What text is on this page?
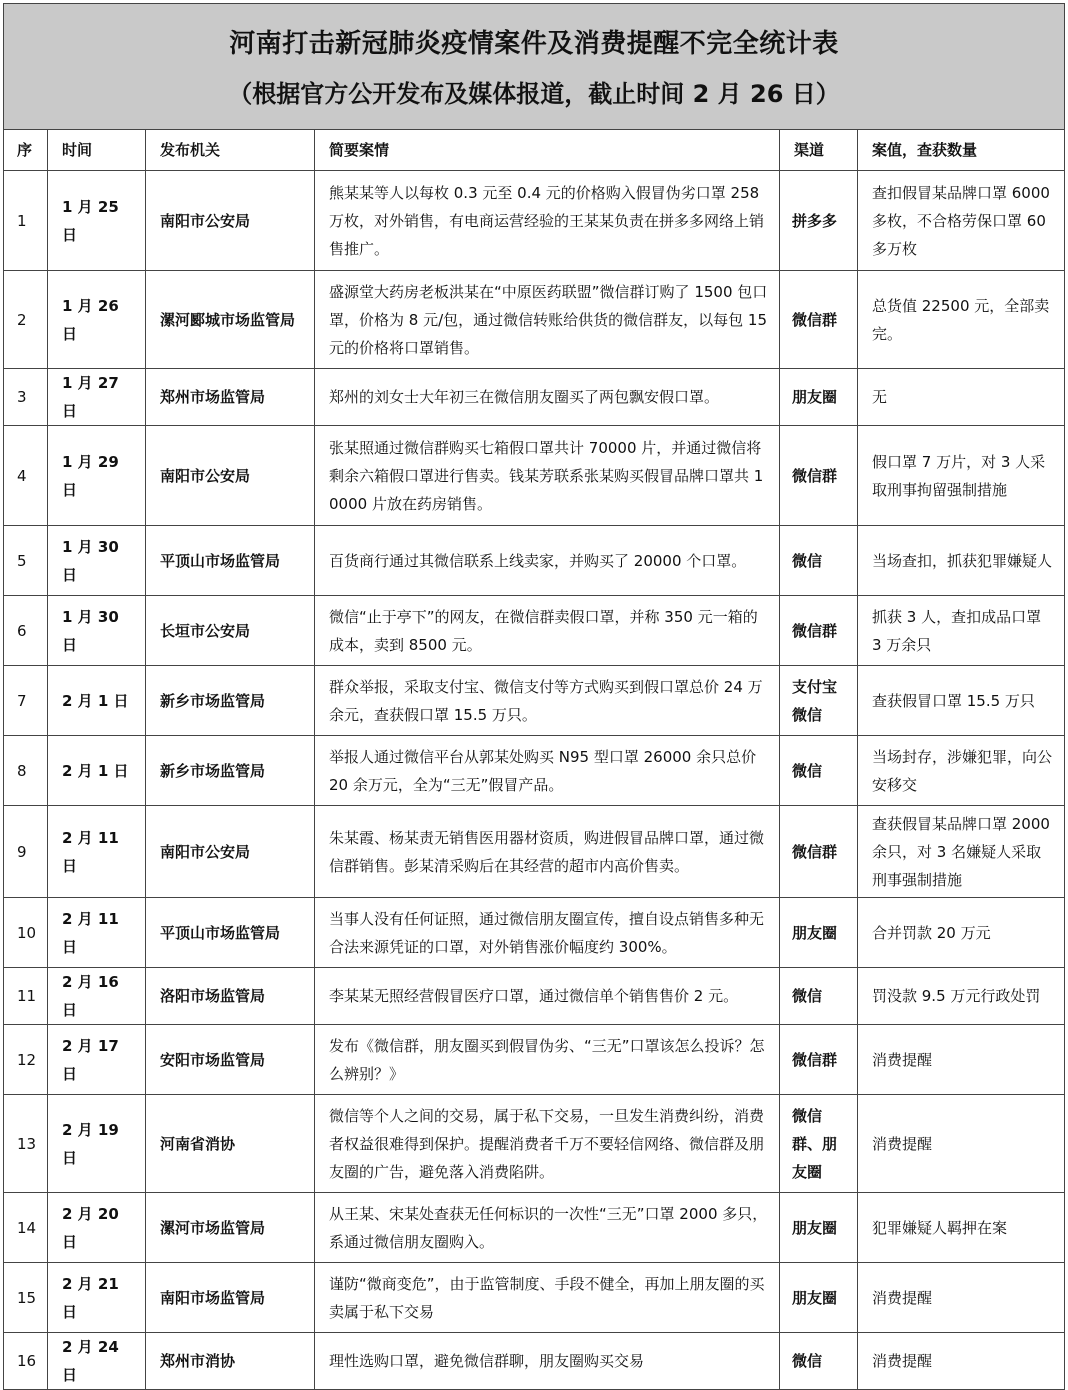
河南打击新冠肺炎疫情案件及消费提醒不完全统计表
（根据官方公开发布及媒体报道，截止时间 2 月 26 日）					

序	时间	发布机关	简要案情	渠道	案值，查获数量
1	1 月 25 日	南阳市公安局	熊某某等人以每枚 0.3 元至 0.4 元的价格购入假冒伪劣口罩 258 万枚，对外销售，有电商运营经验的王某某负责在拼多多网络上销售推广。	拼多多	查扣假冒某品牌口罩 6000 多枚，不合格劳保口罩 60 多万枚
2	1 月 26 日	漯河郾城市场监管局	盛源堂大药房老板洪某在“中原医药联盟”微信群订购了 1500 包口罩，价格为 8 元/包，通过微信转账给供货的微信群友，以每包 15 元的价格将口罩销售。	微信群	总货值 22500 元，全部卖完。
3	1 月 27 日	郑州市场监管局	郑州的刘女士大年初三在微信朋友圈买了两包飘安假口罩。	朋友圈	无
4	1 月 29 日	南阳市公安局	张某照通过微信群购买七箱假口罩共计 70000 片，并通过微信将剩余六箱假口罩进行售卖。钱某芳联系张某购买假冒品牌口罩共 10000 片放在药房销售。	微信群	假口罩 7 万片，对 3 人采取刑事拘留强制措施
5	1 月 30 日	平顶山市场监管局	百货商行通过其微信联系上线卖家，并购买了 20000 个口罩。	微信	当场查扣，抓获犯罪嫌疑人
6	1 月 30 日	长垣市公安局	微信“止于亭下”的网友，在微信群卖假口罩，并称 350 元一箱的成本，卖到 8500 元。	微信群	抓获 3 人，查扣成品口罩 3 万余只
7	2 月 1 日	新乡市场监管局	群众举报，采取支付宝、微信支付等方式购买到假口罩总价 24 万余元，查获假口罩 15.5 万只。	支付宝微信	查获假冒口罩 15.5 万只
8	2 月 1 日	新乡市场监管局	举报人通过微信平台从郭某处购买 N95 型口罩 26000 余只总价 20 余万元，全为“三无”假冒产品。	微信	当场封存，涉嫌犯罪，向公安移交
9	2 月 11 日	南阳市公安局	朱某霞、杨某责无销售医用器材资质，购进假冒品牌口罩，通过微信群销售。彭某清采购后在其经营的超市内高价售卖。	微信群	查获假冒某品牌口罩 2000 余只，对 3 名嫌疑人采取刑事强制措施
10	2 月 11 日	平顶山市场监管局	当事人没有任何证照，通过微信朋友圈宣传，擅自设点销售多种无合法来源凭证的口罩，对外销售涨价幅度约 300%。	朋友圈	合并罚款 20 万元
11	2 月 16 日	洛阳市场监管局	李某某无照经营假冒医疗口罩，通过微信单个销售售价 2 元。	微信	罚没款 9.5 万元行政处罚
12	2 月 17 日	安阳市场监管局	发布《微信群，朋友圈买到假冒伪劣、“三无”口罩该怎么投诉？怎么辨别？》	微信群	消费提醒
13	2 月 19 日	河南省消协	微信等个人之间的交易，属于私下交易，一旦发生消费纠纷，消费者权益很难得到保护。提醒消费者千万不要轻信网络、微信群及朋友圈的广告，避免落入消费陷阱。	微信群、朋友圈	消费提醒
14	2 月 20 日	漯河市场监管局	从王某、宋某处查获无任何标识的一次性“三无”口罩 2000 多只，系通过微信朋友圈购入。	朋友圈	犯罪嫌疑人羁押在案
15	2 月 21 日	南阳市场监管局	谨防“微商变危”，由于监管制度、手段不健全，再加上朋友圈的买卖属于私下交易	朋友圈	消费提醒
16	2 月 24 日	郑州市消协	理性选购口罩，避免微信群聊，朋友圈购买交易	微信	消费提醒
